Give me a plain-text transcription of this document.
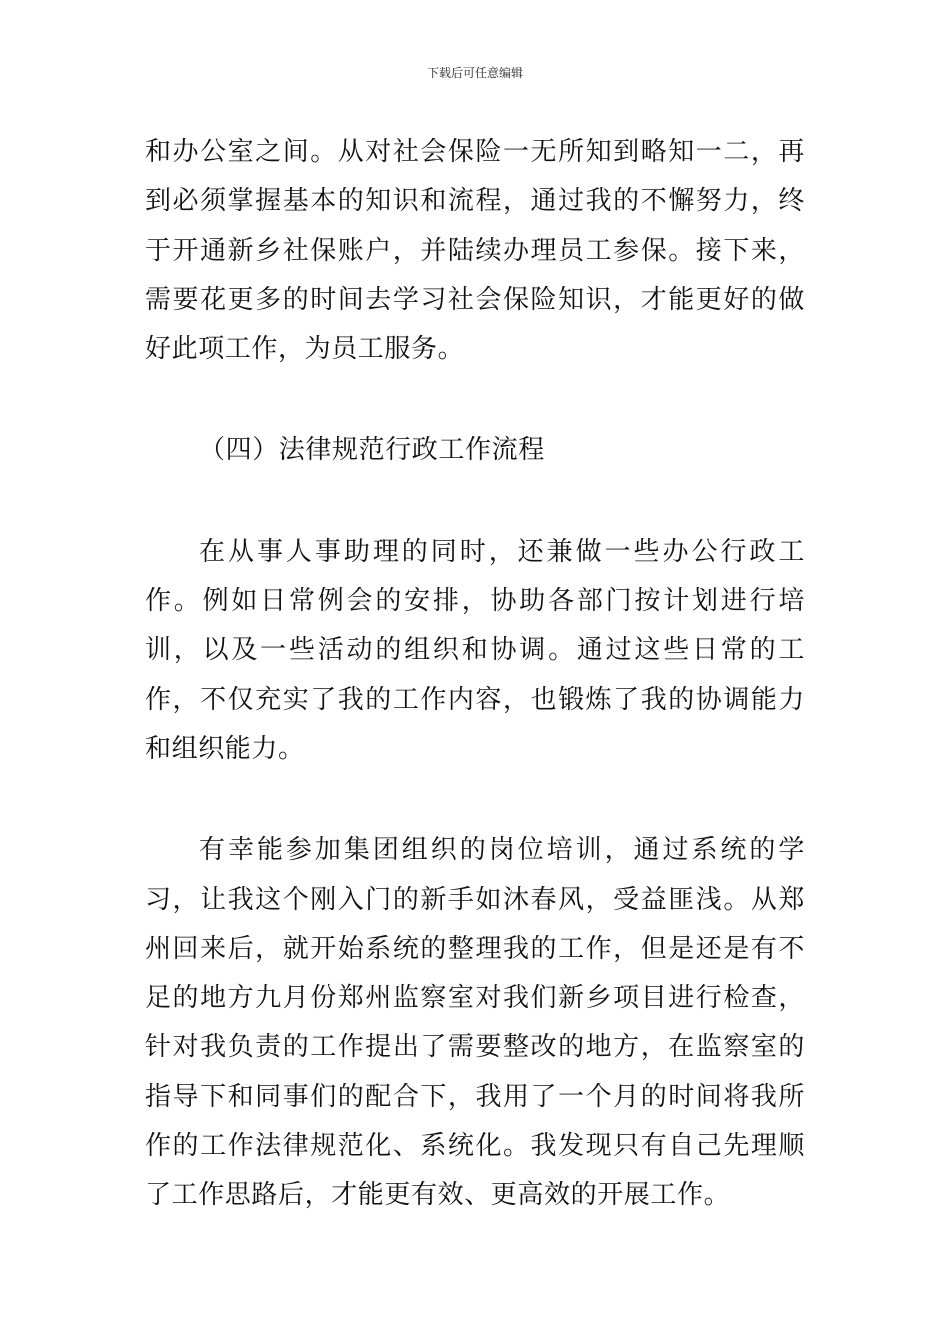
下载后可任意编辑

和办公室之间。从对社会保险一无所知到略知一二，再到必须掌握基本的知识和流程，通过我的不懈努力，终于开通新乡社保账户，并陆续办理员工参保。接下来，需要花更多的时间去学习社会保险知识，才能更好的做好此项工作，为员工服务。

（四）法律规范行政工作流程

在从事人事助理的同时，还兼做一些办公行政工作。例如日常例会的安排，协助各部门按计划进行培训，以及一些活动的组织和协调。通过这些日常的工作，不仅充实了我的工作内容，也锻炼了我的协调能力和组织能力。

有幸能参加集团组织的岗位培训，通过系统的学习，让我这个刚入门的新手如沐春风，受益匪浅。从郑州回来后，就开始系统的整理我的工作，但是还是有不足的地方九月份郑州监察室对我们新乡项目进行检查，针对我负责的工作提出了需要整改的地方，在监察室的指导下和同事们的配合下，我用了一个月的时间将我所作的工作法律规范化、系统化。我发现只有自己先理顺了工作思路后，才能更有效、更高效的开展工作。
